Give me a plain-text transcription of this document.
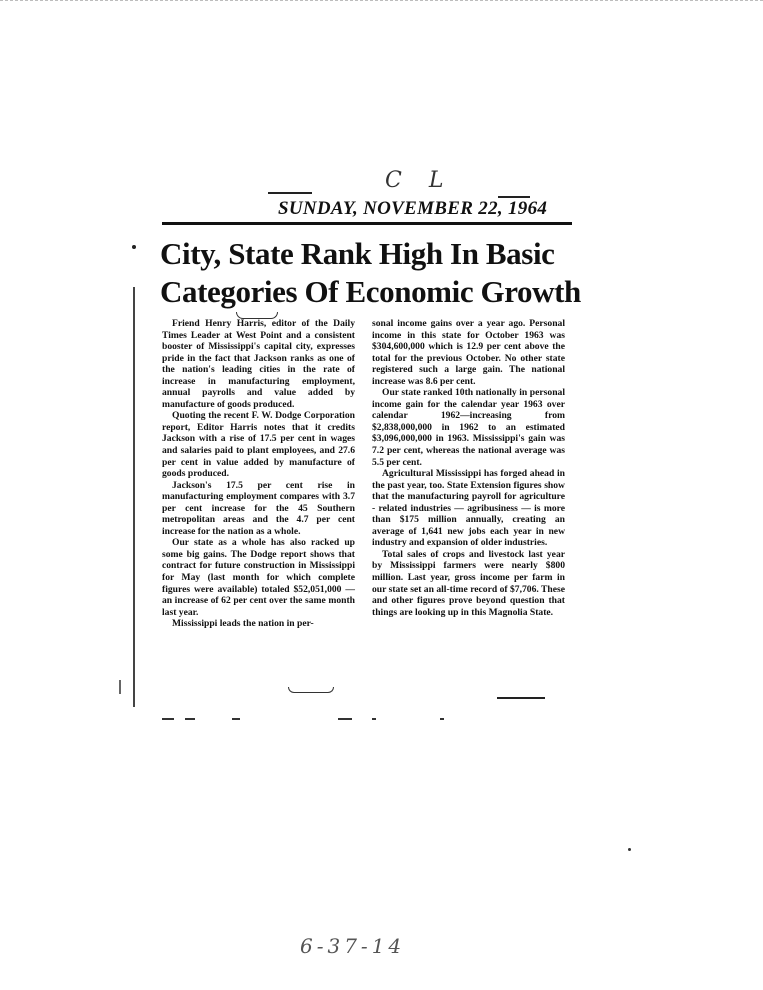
C L
SUNDAY, NOVEMBER 22, 1964
City, State Rank High In Basic
Categories Of Economic Growth

Friend Henry Harris, editor of the Daily Times Leader at West Point and a consistent booster of Mississippi's capital city, expresses pride in the fact that Jackson ranks as one of the nation's leading cities in the rate of increase in manufacturing employment, annual payrolls and value added by manufacture of goods produced.

Quoting the recent F. W. Dodge Corporation report, Editor Harris notes that it credits Jackson with a rise of 17.5 per cent in wages and salaries paid to plant employees, and 27.6 per cent in value added by manufacture of goods produced.

Jackson's 17.5 per cent rise in manufacturing employment compares with 3.7 per cent increase for the 45 Southern metropolitan areas and the 4.7 per cent increase for the nation as a whole.

Our state as a whole has also racked up some big gains. The Dodge report shows that contract for future construction in Mississippi for May (last month for which complete figures were available) totaled $52,051,000 — an increase of 62 per cent over the same month last year.

Mississippi leads the nation in per-

sonal income gains over a year ago. Personal income in this state for October 1963 was $304,600,000 which is 12.9 per cent above the total for the previous October. No other state registered such a large gain. The national increase was 8.6 per cent.

Our state ranked 10th nationally in personal income gain for the calendar year 1963 over calendar 1962—increasing from $2,838,000,000 in 1962 to an estimated $3,096,000,000 in 1963. Mississippi's gain was 7.2 per cent, whereas the national average was 5.5 per cent.

Agricultural Mississippi has forged ahead in the past year, too. State Extension figures show that the manufacturing payroll for agriculture - related industries — agribusiness — is more than $175 million annually, creating an average of 1,641 new jobs each year in new industry and expansion of older industries.

Total sales of crops and livestock last year by Mississippi farmers were nearly $800 million. Last year, gross income per farm in our state set an all-time record of $7,706. These and other figures prove beyond question that things are looking up in this Magnolia State.

6-37-14
